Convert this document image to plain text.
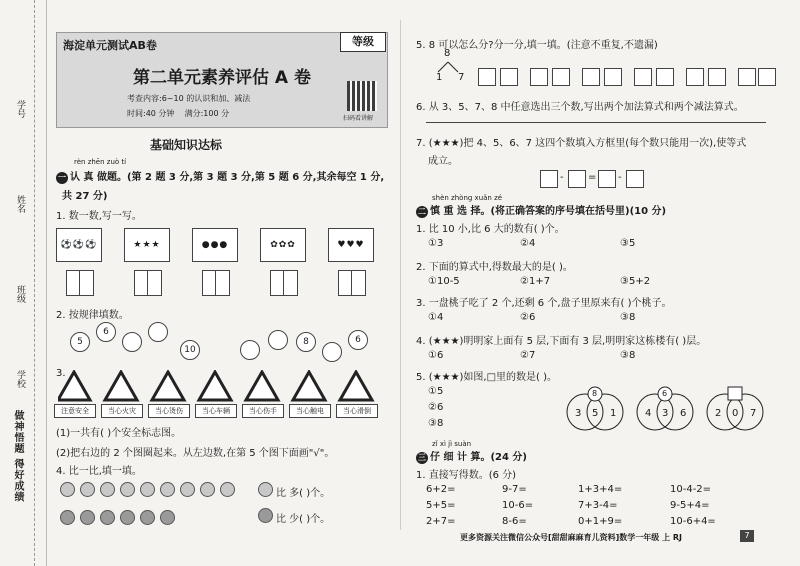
学号
姓名
班级
学校
做神悟题 得好成绩
海淀单元测试AB卷
第二单元素养评估 A 卷
考查内容:6~10 的认识和加、减法
时间:40 分钟 满分:100 分
扫码看讲解
等级
基础知识达标
rèn zhēn zuò tí
一 认 真 做题。(第 2 题 3 分,第 3 题 3 分,第 5 题 6 分,其余每空 1 分,
共 27 分)
1. 数一数,写一写。
⚽⚽⚽	★★★	●●●	✿✿✿	♥♥♥
2. 按规律填数。
5
6
10
8	6
3.
注意安全	当心火灾	当心烫伤	当心车辆	当心伤手	当心触电	当心滑倒
(1)一共有( )个安全标志图。
(2)把右边的 2 个图圈起来。从左边数,在第 5 个图下面画"√"。
4. 比一比,填一填。
比 多( )个。
比 少( )个。
5. 8 可以怎么分?分一分,填一填。(注意不重复,不遗漏)
8
1 7
6. 从 3、5、7、8 中任意选出三个数,写出两个加法算式和两个减法算式。
7. (★★★)把 4、5、6、7 这四个数填入方框里(每个数只能用一次),使等式
成立。
- = -
shèn zhòng xuǎn zé
二 慎 重 选 择。(将正确答案的序号填在括号里)(10 分)
1. 比 10 小,比 6 大的数有( )个。
①3	②4	③5
2. 下面的算式中,得数最大的是( )。
①10-5	②1+7	③5+2
3. 一盘桃子吃了 2 个,还剩 6 个,盘子里原来有( )个桃子。
①4	②6	③8
4. (★★★)明明家上面有 5 层,下面有 3 层,明明家这栋楼有( )层。
①6	②7	③8
5. (★★★)如图,□里的数是( )。
①5
②6
③8
8
3 5 1
6
4 3 6	2 0 7
zǐ xì jì suàn
三 仔 细 计 算。(24 分)
1. 直接写得数。(6 分)
6+2=	9-7=	1+3+4=	10-4-2=
5+5=	10-6=	7+3-4=	9-5+4=
2+7=	8-6=	0+1+9=	10-6+4=
更多资源关注微信公众号[甜甜麻麻育儿资料]数学一年级 上 RJ	7
